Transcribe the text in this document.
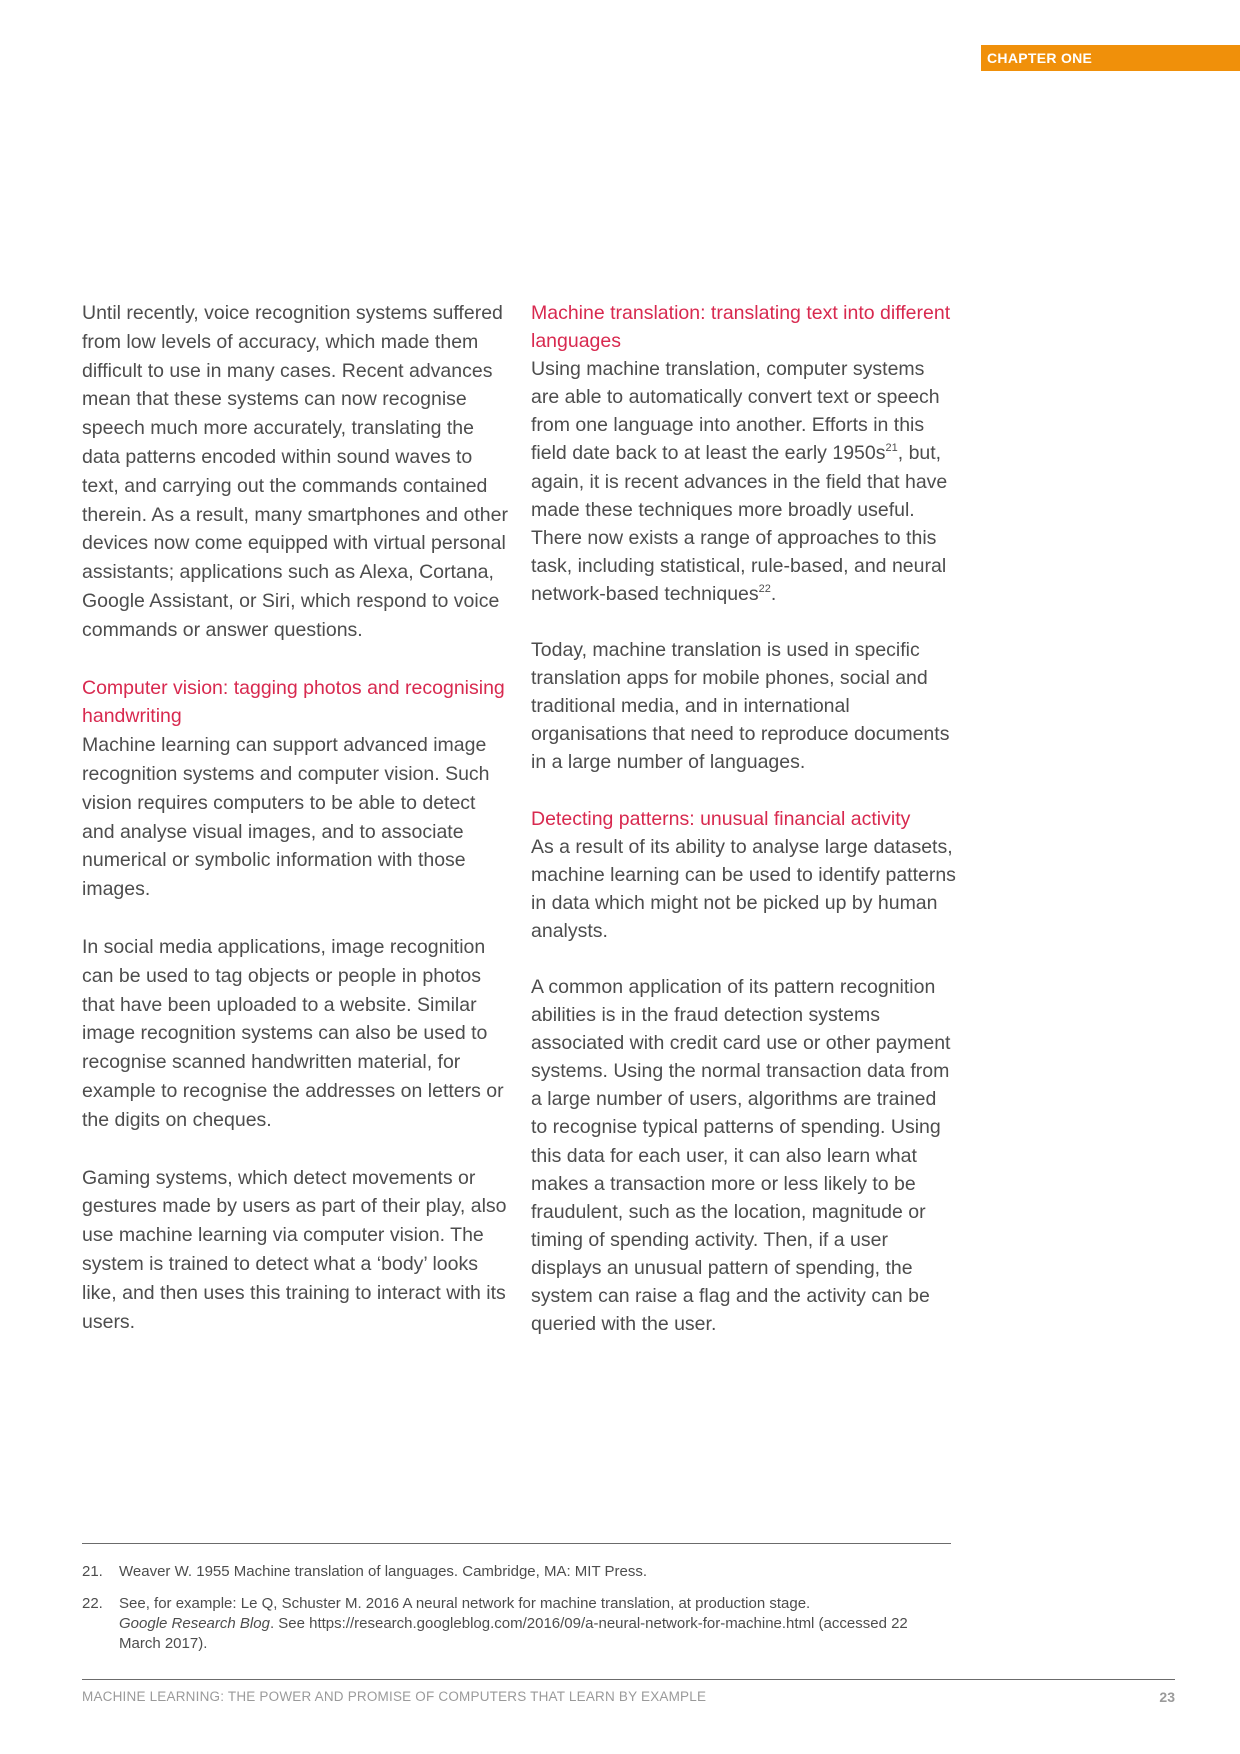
CHAPTER ONE

Until recently, voice recognition systems suffered from low levels of accuracy, which made them difficult to use in many cases. Recent advances mean that these systems can now recognise speech much more accurately, translating the data patterns encoded within sound waves to text, and carrying out the commands contained therein. As a result, many smartphones and other devices now come equipped with virtual personal assistants; applications such as Alexa, Cortana, Google Assistant, or Siri, which respond to voice commands or answer questions.

Computer vision: tagging photos and recognising handwriting

Machine learning can support advanced image recognition systems and computer vision. Such vision requires computers to be able to detect and analyse visual images, and to associate numerical or symbolic information with those images.

In social media applications, image recognition can be used to tag objects or people in photos that have been uploaded to a website. Similar image recognition systems can also be used to recognise scanned handwritten material, for example to recognise the addresses on letters or the digits on cheques.

Gaming systems, which detect movements or gestures made by users as part of their play, also use machine learning via computer vision. The system is trained to detect what a ‘body’ looks like, and then uses this training to interact with its users.

Machine translation: translating text into different languages

Using machine translation, computer systems are able to automatically convert text or speech from one language into another. Efforts in this field date back to at least the early $1950s^{21}$, but, again, it is recent advances in the field that have made these techniques more broadly useful. There now exists a range of approaches to this task, including statistical, rule-based, and neural network-based techniques$^{22}$.

Today, machine translation is used in specific translation apps for mobile phones, social and traditional media, and in international organisations that need to reproduce documents in a large number of languages.

Detecting patterns: unusual financial activity

As a result of its ability to analyse large datasets, machine learning can be used to identify patterns in data which might not be picked up by human analysts.

A common application of its pattern recognition abilities is in the fraud detection systems associated with credit card use or other payment systems. Using the normal transaction data from a large number of users, algorithms are trained to recognise typical patterns of spending. Using this data for each user, it can also learn what makes a transaction more or less likely to be fraudulent, such as the location, magnitude or timing of spending activity. Then, if a user displays an unusual pattern of spending, the system can raise a flag and the activity can be queried with the user.

21.	Weaver W. 1955 Machine translation of languages. Cambridge, MA: MIT Press.
22.	See, for example: Le Q, Schuster M. 2016 A neural network for machine translation, at production stage.
Google Research Blog. See https://research.googleblog.com/2016/09/a-neural-network-for-machine.html (accessed 22 March 2017).
MACHINE LEARNING: THE POWER AND PROMISE OF COMPUTERS THAT LEARN BY EXAMPLE	23
